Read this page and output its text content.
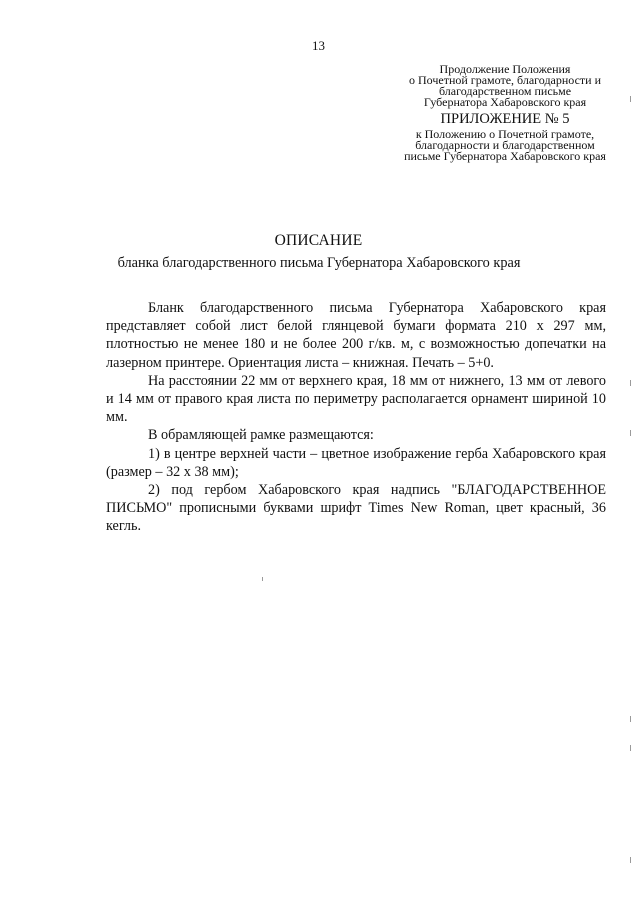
13
Продолжение Положения
о Почетной грамоте, благодарности и
благодарственном письме
Губернатора Хабаровского края
ПРИЛОЖЕНИЕ № 5
к Положению о Почетной грамоте,
благодарности и благодарственном
письме Губернатора Хабаровского края
ОПИСАНИЕ
бланка благодарственного письма Губернатора Хабаровского края

Бланк благодарственного письма Губернатора Хабаровского края представляет собой лист белой глянцевой бумаги формата 210 х 297 мм, плотностью не менее 180 и не более 200 г/кв. м, с возможностью допечатки на лазерном принтере. Ориентация листа – книжная. Печать – 5+0.

На расстоянии 22 мм от верхнего края, 18 мм от нижнего, 13 мм от левого и 14 мм от правого края листа по периметру располагается орнамент шириной 10 мм.

В обрамляющей рамке размещаются:

1) в центре верхней части – цветное изображение герба Хабаровского края (размер – 32 х 38 мм);

2) под гербом Хабаровского края надпись "БЛАГОДАРСТВЕННОЕ ПИСЬМО" прописными буквами шрифт Times New Roman, цвет красный, 36 кегль.
